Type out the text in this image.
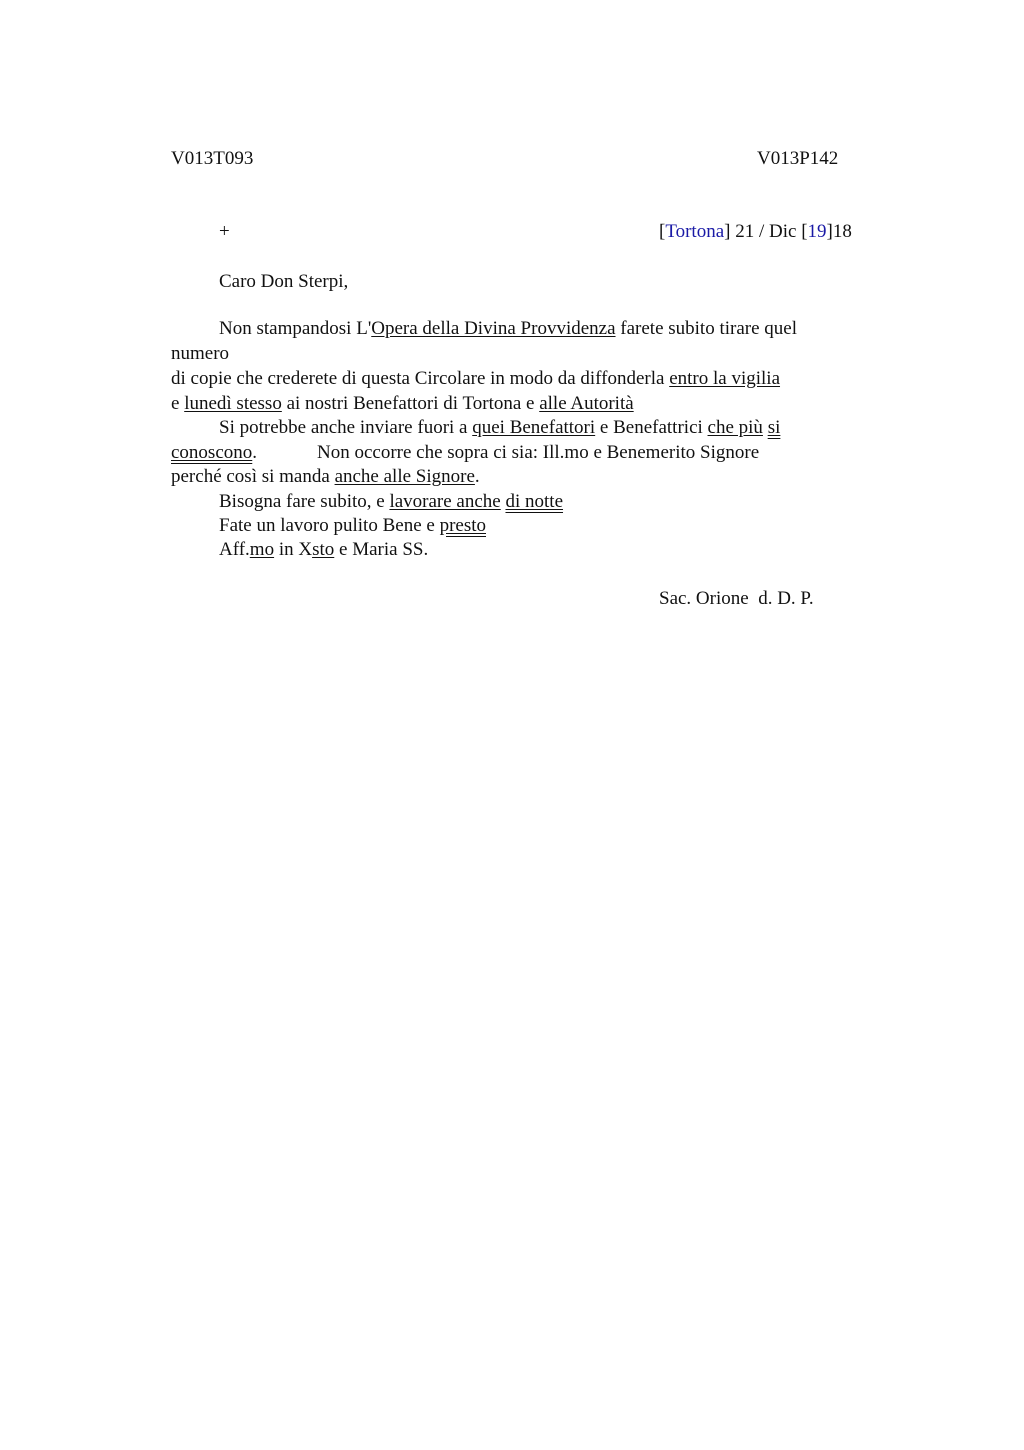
V013T093	V013P142
+	[Tortona] 21 / Dic [19]18
Caro Don Sterpi,
Non stampandosi L'Opera della Divina Provvidenza farete subito tirare quel
numero
di copie che crederete di questa Circolare in modo da diffonderla entro la vigilia
e lunedì stesso ai nostri Benefattori di Tortona e alle Autorità
Si potrebbe anche inviare fuori a quei Benefattori e Benefattrici che più si
conoscono.	Non occorre che sopra ci sia: Ill.mo e Benemerito Signore
perché così si manda anche alle Signore.
Bisogna fare subito, e lavorare anche di notte
Fate un lavoro pulito Bene e presto
Aff.mo in Xsto e Maria SS.
Sac. Orione  d. D. P.
